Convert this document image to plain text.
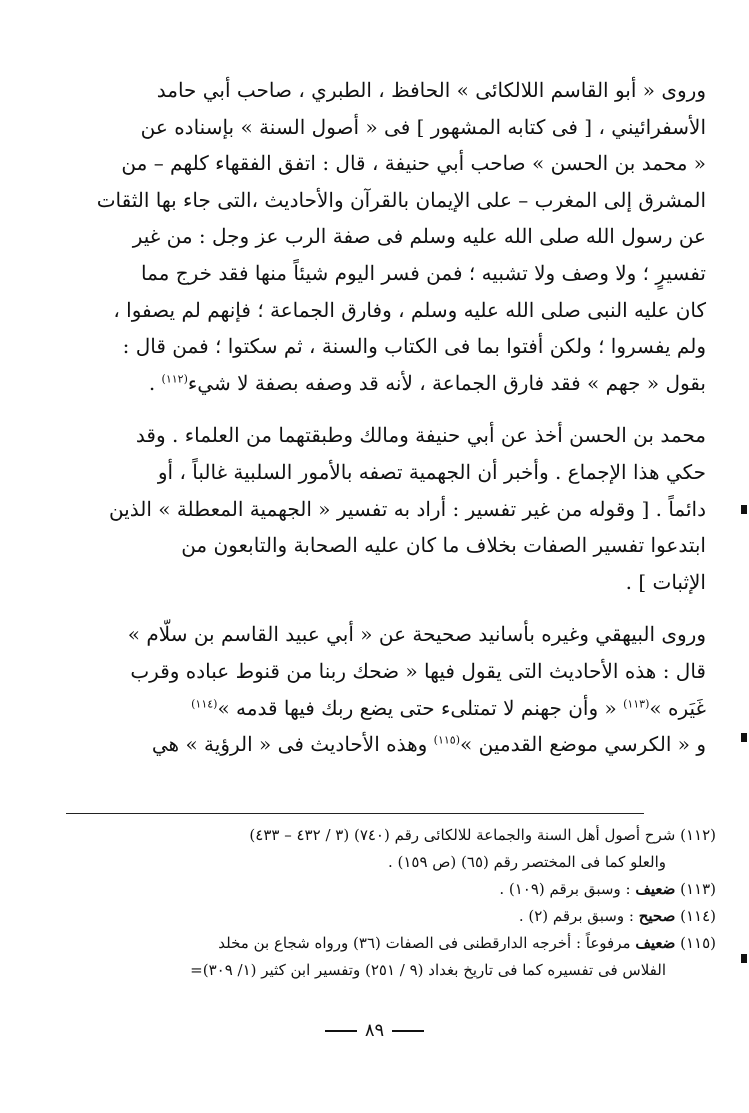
وروى « أبو القاسم اللالكائى » الحافظ ، الطبري ، صاحب أبي حامد
الأسفرائيني ، [ فى كتابه المشهور ] فى « أصول السنة » بإسناده عن
« محمد بن الحسن » صاحب أبي حنيفة ، قال : اتفق الفقهاء كلهم – من
المشرق إلى المغرب – على الإيمان بالقرآن والأحاديث ،التى جاء بها الثقات
عن رسول الله صلى الله عليه وسلم فى صفة الرب عز وجل : من غير
تفسيرٍ ؛ ولا وصف ولا تشبيه ؛ فمن فسر اليوم شيئاً منها فقد خرج مما
كان عليه النبى صلى الله عليه وسلم ، وفارق الجماعة ؛ فإنهم لم يصفوا ،
ولم يفسروا ؛ ولكن أفتوا بما فى الكتاب والسنة ، ثم سكتوا ؛ فمن قال :
بقول « جهم » فقد فارق الجماعة ، لأنه قد وصفه بصفة لا شيء$^{(١١٢)}$ .

محمد بن الحسن أخذ عن أبي حنيفة ومالك وطبقتهما من العلماء . وقد
حكي هذا الإجماع . وأخبر أن الجهمية تصفه بالأمور السلبية غالباً ، أو
دائماً . [ وقوله من غير تفسير : أراد به تفسير « الجهمية المعطلة » الذين
ابتدعوا تفسير الصفات بخلاف ما كان عليه الصحابة والتابعون من
الإثبات ] .

وروى البيهقي وغيره بأسانيد صحيحة عن « أبي عبيد القاسم بن سلّام »
قال : هذه الأحاديث التى يقول فيها « ضحك ربنا من قنوط عباده وقرب
غَيَره »$^{(١١٣)}$ « وأن جهنم لا تمتلىء حتى يضع ربك فيها قدمه »$^{(١١٤)}$
و « الكرسي موضع القدمين »$^{(١١٥)}$ وهذه الأحاديث فى « الرؤية » هي

(١١٢) شرح أصول أهل السنة والجماعة للالكائى رقم (٧٤٠) (٣ / ٤٣٢ – ٤٣٣)

والعلو كما فى المختصر رقم (٦٥) (ص ١٥٩) .

(١١٣) ضعيف : وسبق برقم (١٠٩) .

(١١٤) صحيح : وسبق برقم (٢) .

(١١٥) ضعيف مرفوعاً : أخرجه الدارقطنى فى الصفات (٣٦) ورواه شجاع بن مخلد

الفلاس فى تفسيره كما فى تاريخ بغداد (٩ / ٢٥١) وتفسير ابن كثير (١/ ٣٠٩)=

٨٩
